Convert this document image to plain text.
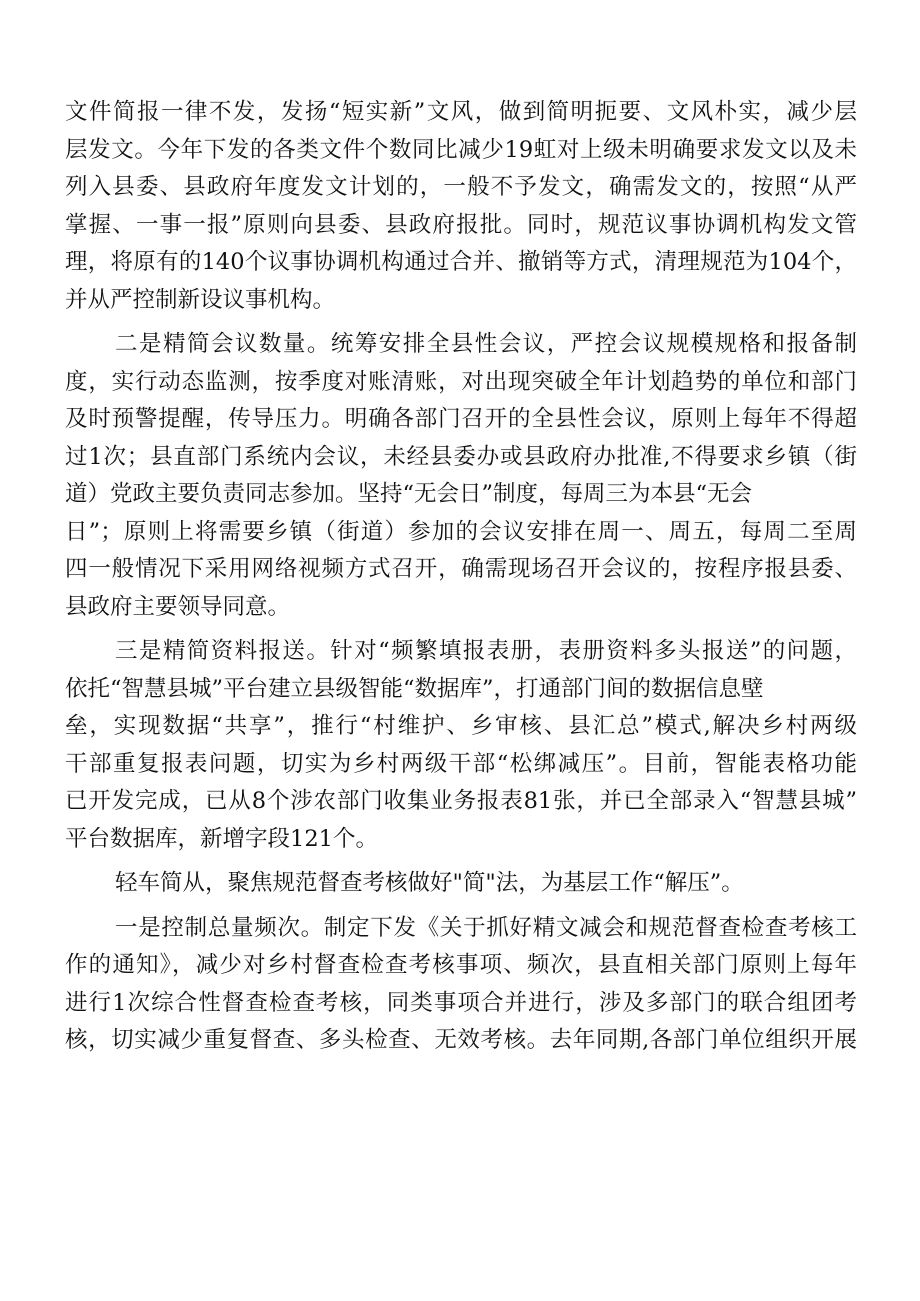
文件简报一律不发，发扬“短实新”文风，做到简明扼要、文风朴实，减少层
层发文。今年下发的各类文件个数同比减少19虹对上级未明确要求发文以及未
列入县委、县政府年度发文计划的，一般不予发文，确需发文的，按照“从严
掌握、一事一报”原则向县委、县政府报批。同时，规范议事协调机构发文管
理，将原有的140个议事协调机构通过合并、撤销等方式，清理规范为104个，
并从严控制新设议事机构。
二是精简会议数量。统筹安排全县性会议，严控会议规模规格和报备制
度，实行动态监测，按季度对账清账，对出现突破全年计划趋势的单位和部门
及时预警提醒，传导压力。明确各部门召开的全县性会议，原则上每年不得超
过1次；县直部门系统内会议，未经县委办或县政府办批准,不得要求乡镇（街
道）党政主要负责同志参加。坚持“无会日”制度，每周三为本县“无会
日”；原则上将需要乡镇（街道）参加的会议安排在周一、周五，每周二至周
四一般情况下采用网络视频方式召开，确需现场召开会议的，按程序报县委、
县政府主要领导同意。
三是精简资料报送。针对“频繁填报表册，表册资料多头报送”的问题，
依托“智慧县城”平台建立县级智能“数据库”，打通部门间的数据信息壁
垒，实现数据“共享”，推行“村维护、乡审核、县汇总”模式,解决乡村两级
干部重复报表问题，切实为乡村两级干部“松绑减压”。目前，智能表格功能
已开发完成，已从8个涉农部门收集业务报表81张，并已全部录入“智慧县城”
平台数据库，新增字段121个。
轻车简从，聚焦规范督查考核做好"简"法，为基层工作“解压”。
一是控制总量频次。制定下发《关于抓好精文减会和规范督查检查考核工
作的通知》，减少对乡村督查检查考核事项、频次，县直相关部门原则上每年
进行1次综合性督查检查考核，同类事项合并进行，涉及多部门的联合组团考
核，切实减少重复督查、多头检查、无效考核。去年同期,各部门单位组织开展
